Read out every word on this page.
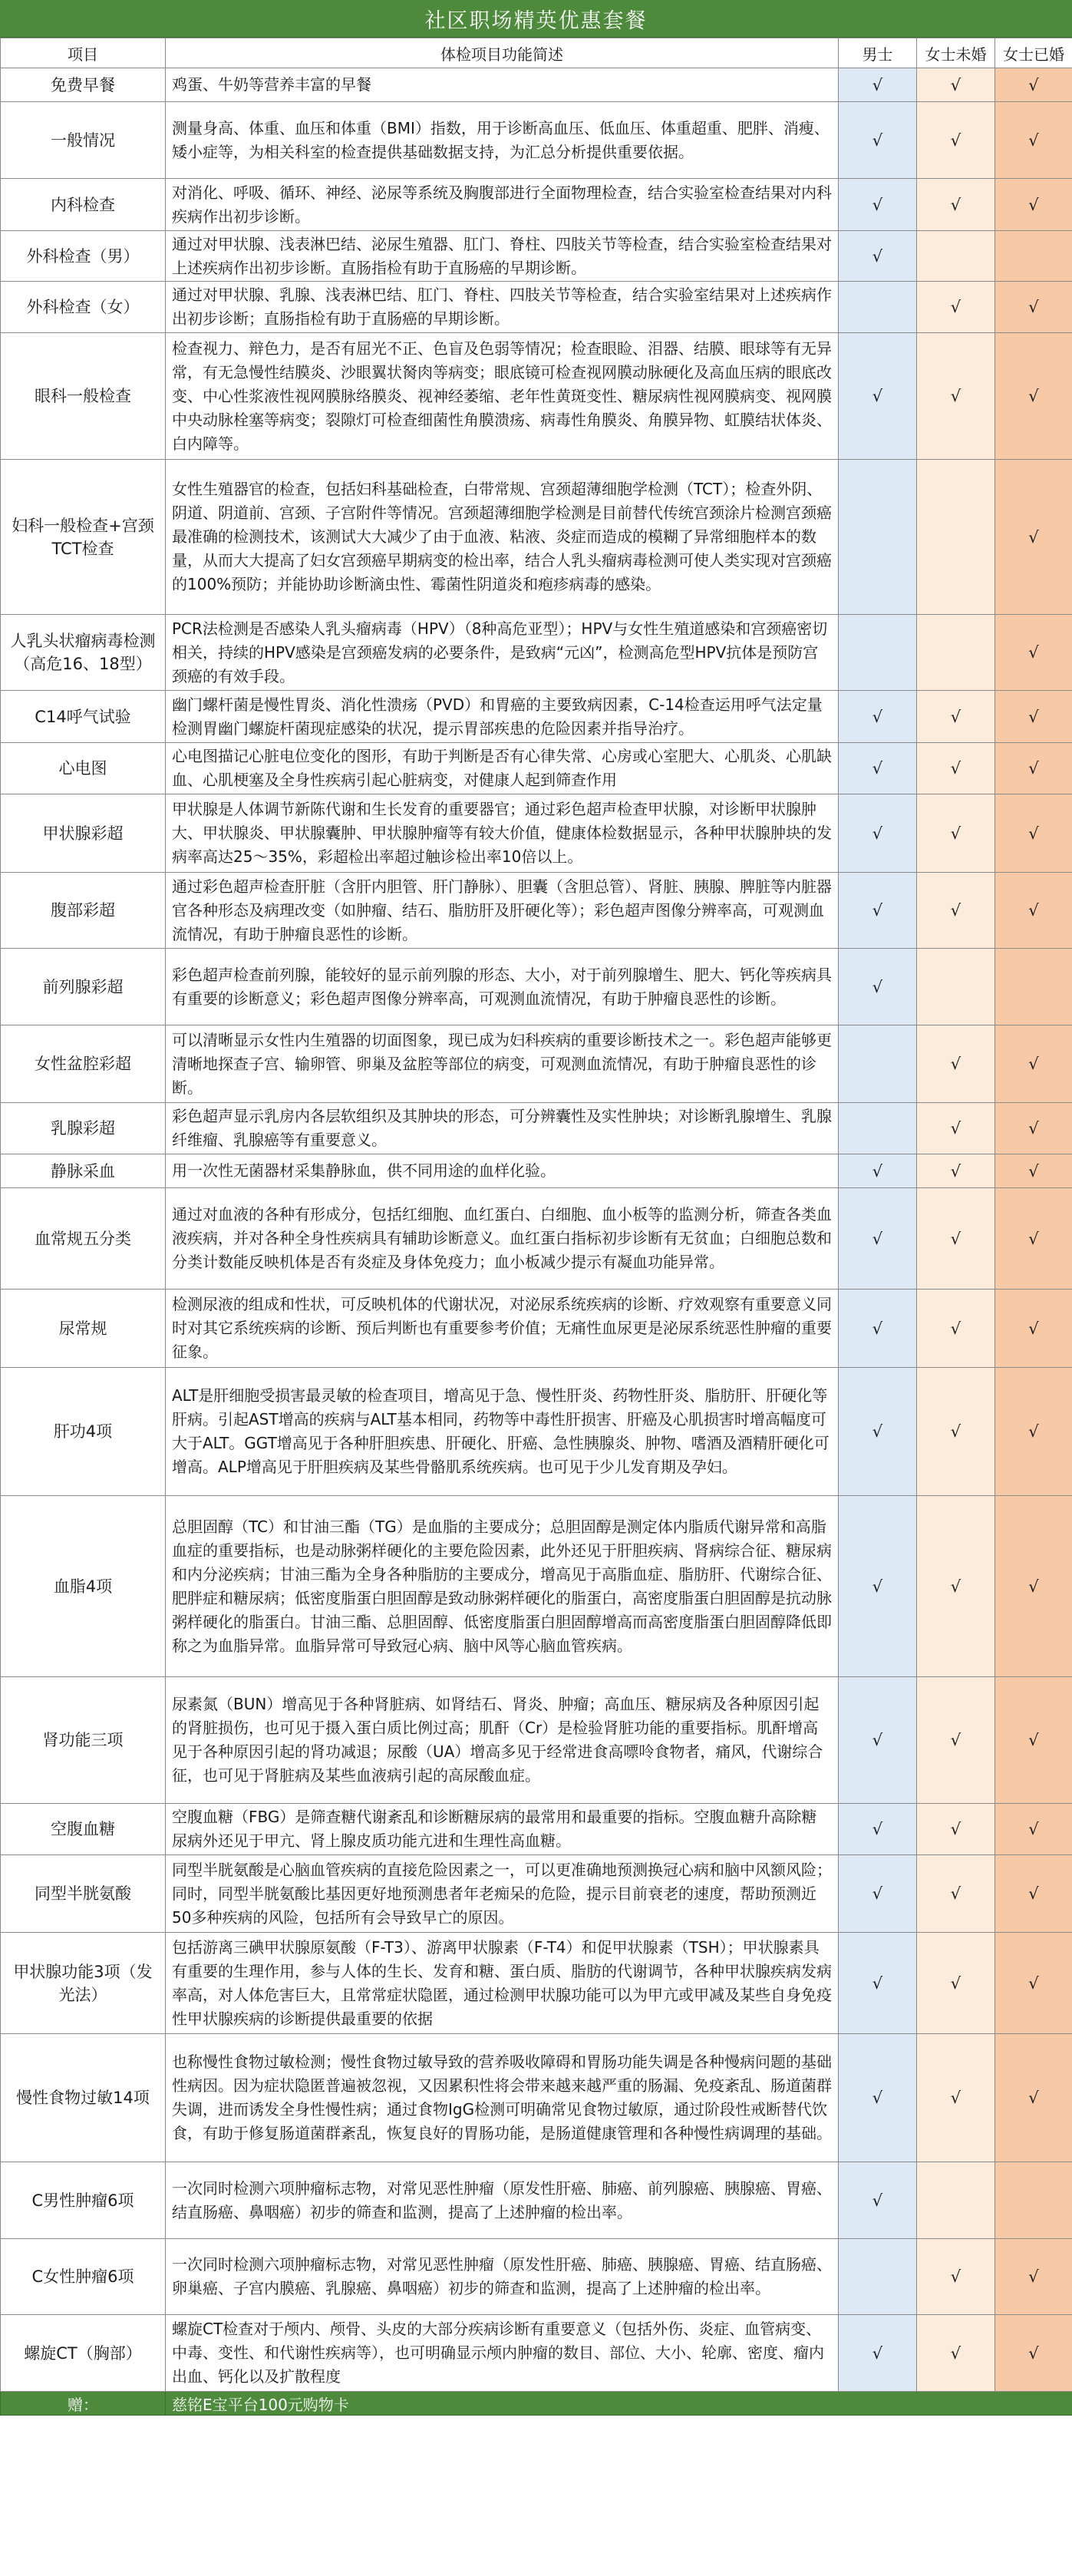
社区职场精英优惠套餐
项目	体检项目功能简述	男士	女士未婚	女士已婚
免费早餐	鸡蛋、牛奶等营养丰富的早餐	√	√	√
一般情况	测量身高、体重、血压和体重（BMI）指数，用于诊断高血压、低血压、体重超重、肥胖、消瘦、矮小症等，为相关科室的检查提供基础数据支持，为汇总分析提供重要依据。	√	√	√
内科检查	对消化、呼吸、循环、神经、泌尿等系统及胸腹部进行全面物理检查，结合实验室检查结果对内科疾病作出初步诊断。	√	√	√
外科检查（男）	通过对甲状腺、浅表淋巴结、泌尿生殖器、肛门、脊柱、四肢关节等检查，结合实验室检查结果对上述疾病作出初步诊断。直肠指检有助于直肠癌的早期诊断。	√		
外科检查（女）	通过对甲状腺、乳腺、浅表淋巴结、肛门、脊柱、四肢关节等检查，结合实验室结果对上述疾病作出初步诊断；直肠指检有助于直肠癌的早期诊断。		√	√
眼科一般检查	检查视力、辩色力，是否有屈光不正、色盲及色弱等情况；检查眼睑、泪器、结膜、眼球等有无异常，有无急慢性结膜炎、沙眼翼状胬肉等病变；眼底镜可检查视网膜动脉硬化及高血压病的眼底改变、中心性浆液性视网膜脉络膜炎、视神经萎缩、老年性黄斑变性、糖尿病性视网膜病变、视网膜中央动脉栓塞等病变；裂隙灯可检查细菌性角膜溃疡、病毒性角膜炎、角膜异物、虹膜结状体炎、白内障等。	√	√	√
妇科一般检查+宫颈TCT检查	女性生殖器官的检查，包括妇科基础检查，白带常规、宫颈超薄细胞学检测（TCT）；检查外阴、阴道、阴道前、宫颈、子宫附件等情况。宫颈超薄细胞学检测是目前替代传统宫颈涂片检测宫颈癌最准确的检测技术，该测试大大减少了由于血液、粘液、炎症而造成的模糊了异常细胞样本的数量，从而大大提高了妇女宫颈癌早期病变的检出率，结合人乳头瘤病毒检测可使人类实现对宫颈癌的100%预防；并能协助诊断滴虫性、霉菌性阴道炎和疱疹病毒的感染。			√
人乳头状瘤病毒检测（高危16、18型）	PCR法检测是否感染人乳头瘤病毒（HPV）（8种高危亚型）；HPV与女性生殖道感染和宫颈癌密切相关，持续的HPV感染是宫颈癌发病的必要条件，是致病“元凶”，检测高危型HPV抗体是预防宫颈癌的有效手段。			√
C14呼气试验	幽门螺杆菌是慢性胃炎、消化性溃疡（PVD）和胃癌的主要致病因素，C-14检查运用呼气法定量检测胃幽门螺旋杆菌现症感染的状况，提示胃部疾患的危险因素并指导治疗。	√	√	√
心电图	心电图描记心脏电位变化的图形，有助于判断是否有心律失常、心房或心室肥大、心肌炎、心肌缺血、心肌梗塞及全身性疾病引起心脏病变，对健康人起到筛查作用	√	√	√
甲状腺彩超	甲状腺是人体调节新陈代谢和生长发育的重要器官；通过彩色超声检查甲状腺，对诊断甲状腺肿大、甲状腺炎、甲状腺囊肿、甲状腺肿瘤等有较大价值，健康体检数据显示，各种甲状腺肿块的发病率高达25～35%，彩超检出率超过触诊检出率10倍以上。	√	√	√
腹部彩超	通过彩色超声检查肝脏（含肝内胆管、肝门静脉）、胆囊（含胆总管）、肾脏、胰腺、脾脏等内脏器官各种形态及病理改变（如肿瘤、结石、脂肪肝及肝硬化等）；彩色超声图像分辨率高，可观测血流情况，有助于肿瘤良恶性的诊断。	√	√	√
前列腺彩超	彩色超声检查前列腺，能较好的显示前列腺的形态、大小，对于前列腺增生、肥大、钙化等疾病具有重要的诊断意义；彩色超声图像分辨率高，可观测血流情况，有助于肿瘤良恶性的诊断。	√		
女性盆腔彩超	可以清晰显示女性内生殖器的切面图象，现已成为妇科疾病的重要诊断技术之一。彩色超声能够更清晰地探查子宫、输卵管、卵巢及盆腔等部位的病变，可观测血流情况，有助于肿瘤良恶性的诊断。		√	√
乳腺彩超	彩色超声显示乳房内各层软组织及其肿块的形态，可分辨囊性及实性肿块；对诊断乳腺增生、乳腺纤维瘤、乳腺癌等有重要意义。		√	√
静脉采血	用一次性无菌器材采集静脉血，供不同用途的血样化验。	√	√	√
血常规五分类	通过对血液的各种有形成分，包括红细胞、血红蛋白、白细胞、血小板等的监测分析，筛查各类血液疾病，并对各种全身性疾病具有辅助诊断意义。血红蛋白指标初步诊断有无贫血；白细胞总数和分类计数能反映机体是否有炎症及身体免疫力；血小板减少提示有凝血功能异常。	√	√	√
尿常规	检测尿液的组成和性状，可反映机体的代谢状况，对泌尿系统疾病的诊断、疗效观察有重要意义同时对其它系统疾病的诊断、预后判断也有重要参考价值；无痛性血尿更是泌尿系统恶性肿瘤的重要征象。	√	√	√
肝功4项	ALT是肝细胞受损害最灵敏的检查项目，增高见于急、慢性肝炎、药物性肝炎、脂肪肝、肝硬化等肝病。引起AST增高的疾病与ALT基本相同，药物等中毒性肝损害、肝癌及心肌损害时增高幅度可大于ALT。GGT增高见于各种肝胆疾患、肝硬化、肝癌、急性胰腺炎、肿物、嗜酒及酒精肝硬化可增高。ALP增高见于肝胆疾病及某些骨骼肌系统疾病。也可见于少儿发育期及孕妇。	√	√	√
血脂4项	总胆固醇（TC）和甘油三酯（TG）是血脂的主要成分；总胆固醇是测定体内脂质代谢异常和高脂血症的重要指标，也是动脉粥样硬化的主要危险因素，此外还见于肝胆疾病、肾病综合征、糖尿病和内分泌疾病；甘油三酯为全身各种脂肪的主要成分，增高见于高脂血症、脂肪肝、代谢综合征、肥胖症和糖尿病；低密度脂蛋白胆固醇是致动脉粥样硬化的脂蛋白，高密度脂蛋白胆固醇是抗动脉粥样硬化的脂蛋白。甘油三酯、总胆固醇、低密度脂蛋白胆固醇增高而高密度脂蛋白胆固醇降低即称之为血脂异常。血脂异常可导致冠心病、脑中风等心脑血管疾病。	√	√	√
肾功能三项	尿素氮（BUN）增高见于各种肾脏病、如肾结石、肾炎、肿瘤；高血压、糖尿病及各种原因引起的肾脏损伤，也可见于摄入蛋白质比例过高；肌酐（Cr）是检验肾脏功能的重要指标。肌酐增高见于各种原因引起的肾功减退；尿酸（UA）增高多见于经常进食高嘌呤食物者，痛风，代谢综合征，也可见于肾脏病及某些血液病引起的高尿酸血症。	√	√	√
空腹血糖	空腹血糖（FBG）是筛查糖代谢紊乱和诊断糖尿病的最常用和最重要的指标。空腹血糖升高除糖尿病外还见于甲亢、肾上腺皮质功能亢进和生理性高血糖。	√	√	√
同型半胱氨酸	同型半胱氨酸是心脑血管疾病的直接危险因素之一，可以更准确地预测换冠心病和脑中风额风险；同时，同型半胱氨酸比基因更好地预测患者年老痴呆的危险，提示目前衰老的速度，帮助预测近50多种疾病的风险，包括所有会导致早亡的原因。	√	√	√
甲状腺功能3项（发光法）	包括游离三碘甲状腺原氨酸（F-T3）、游离甲状腺素（F-T4）和促甲状腺素（TSH）；甲状腺素具有重要的生理作用，参与人体的生长、发育和糖、蛋白质、脂肪的代谢调节，各种甲状腺疾病发病率高，对人体危害巨大，且常常症状隐匿，通过检测甲状腺功能可以为甲亢或甲减及某些自身免疫性甲状腺疾病的诊断提供最重要的依据	√	√	√
慢性食物过敏14项	也称慢性食物过敏检测；慢性食物过敏导致的营养吸收障碍和胃肠功能失调是各种慢病问题的基础性病因。因为症状隐匿普遍被忽视，又因累积性将会带来越来越严重的肠漏、免疫紊乱、肠道菌群失调，进而诱发全身性慢性病；通过食物IgG检测可明确常见食物过敏原，通过阶段性戒断替代饮食，有助于修复肠道菌群紊乱，恢复良好的胃肠功能，是肠道健康管理和各种慢性病调理的基础。	√	√	√
C男性肿瘤6项	一次同时检测六项肿瘤标志物，对常见恶性肿瘤（原发性肝癌、肺癌、前列腺癌、胰腺癌、胃癌、结直肠癌、鼻咽癌）初步的筛查和监测，提高了上述肿瘤的检出率。	√		
C女性肿瘤6项	一次同时检测六项肿瘤标志物，对常见恶性肿瘤（原发性肝癌、肺癌、胰腺癌、胃癌、结直肠癌、卵巢癌、子宫内膜癌、乳腺癌、鼻咽癌）初步的筛查和监测，提高了上述肿瘤的检出率。		√	√
螺旋CT（胸部）	螺旋CT检查对于颅内、颅骨、头皮的大部分疾病诊断有重要意义（包括外伤、炎症、血管病变、中毒、变性、和代谢性疾病等），也可明确显示颅内肿瘤的数目、部位、大小、轮廓、密度、瘤内出血、钙化以及扩散程度	√	√	√
赠：	慈铭E宝平台100元购物卡			
